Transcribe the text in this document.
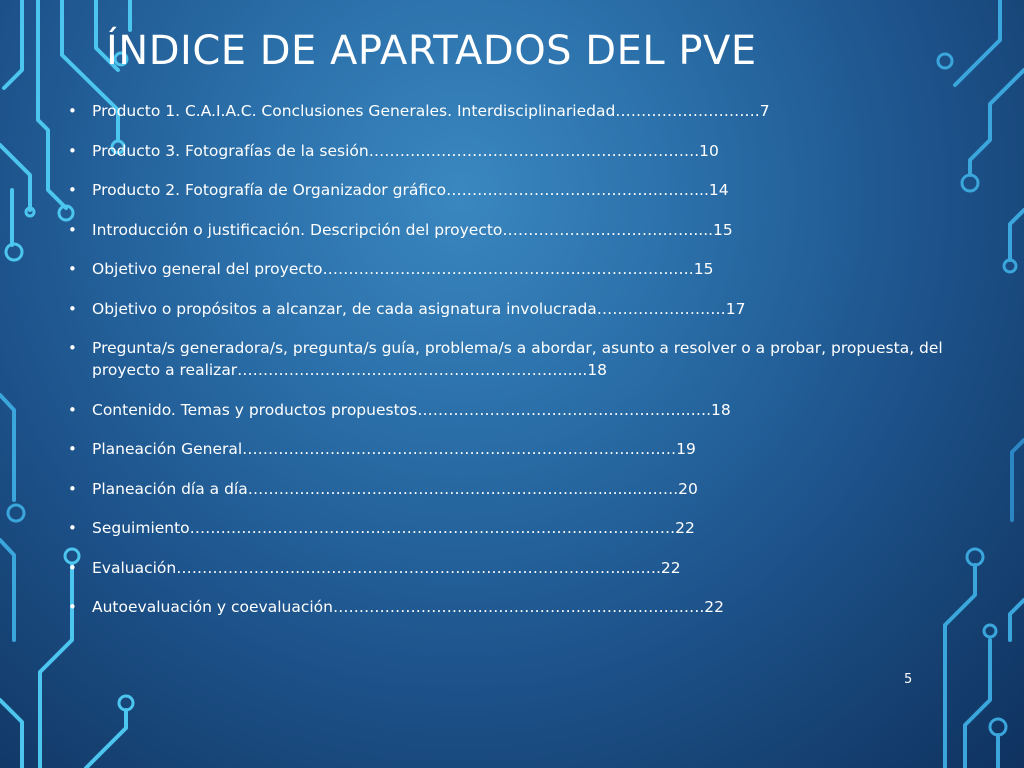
ÍNDICE DE APARTADOS DEL PVE
• Producto 1. C.A.I.A.C. Conclusiones Generales. Interdisciplinariedad……………………….7
• Producto 3. Fotografías de la sesión……………………………………………………….10
• Producto 2. Fotografía de Organizador gráfico…………………………………………...14
• Introducción o justificación. Descripción del proyecto……………………………….....15
• Objetivo general del proyecto…………………………………………………………..….15
• Objetivo o propósitos a alcanzar, de cada asignatura involucrada………………….…17
• Pregunta/s generadora/s, pregunta/s guía, problema/s a abordar, asunto a resolver o a probar, propuesta, del proyecto a realizar……………………………………………………….....18
• Contenido. Temas y productos propuestos……………………………………………..….18
• Planeación General…………………………………………………………………………19
• Planeación día a día………………………………………………………..............…….20
• Seguimiento………………………………………………………………………………….22
• Evaluación……………………………………………………………………………...….22
• Autoevaluación y coevaluación…………………………………………………………..….22
5
